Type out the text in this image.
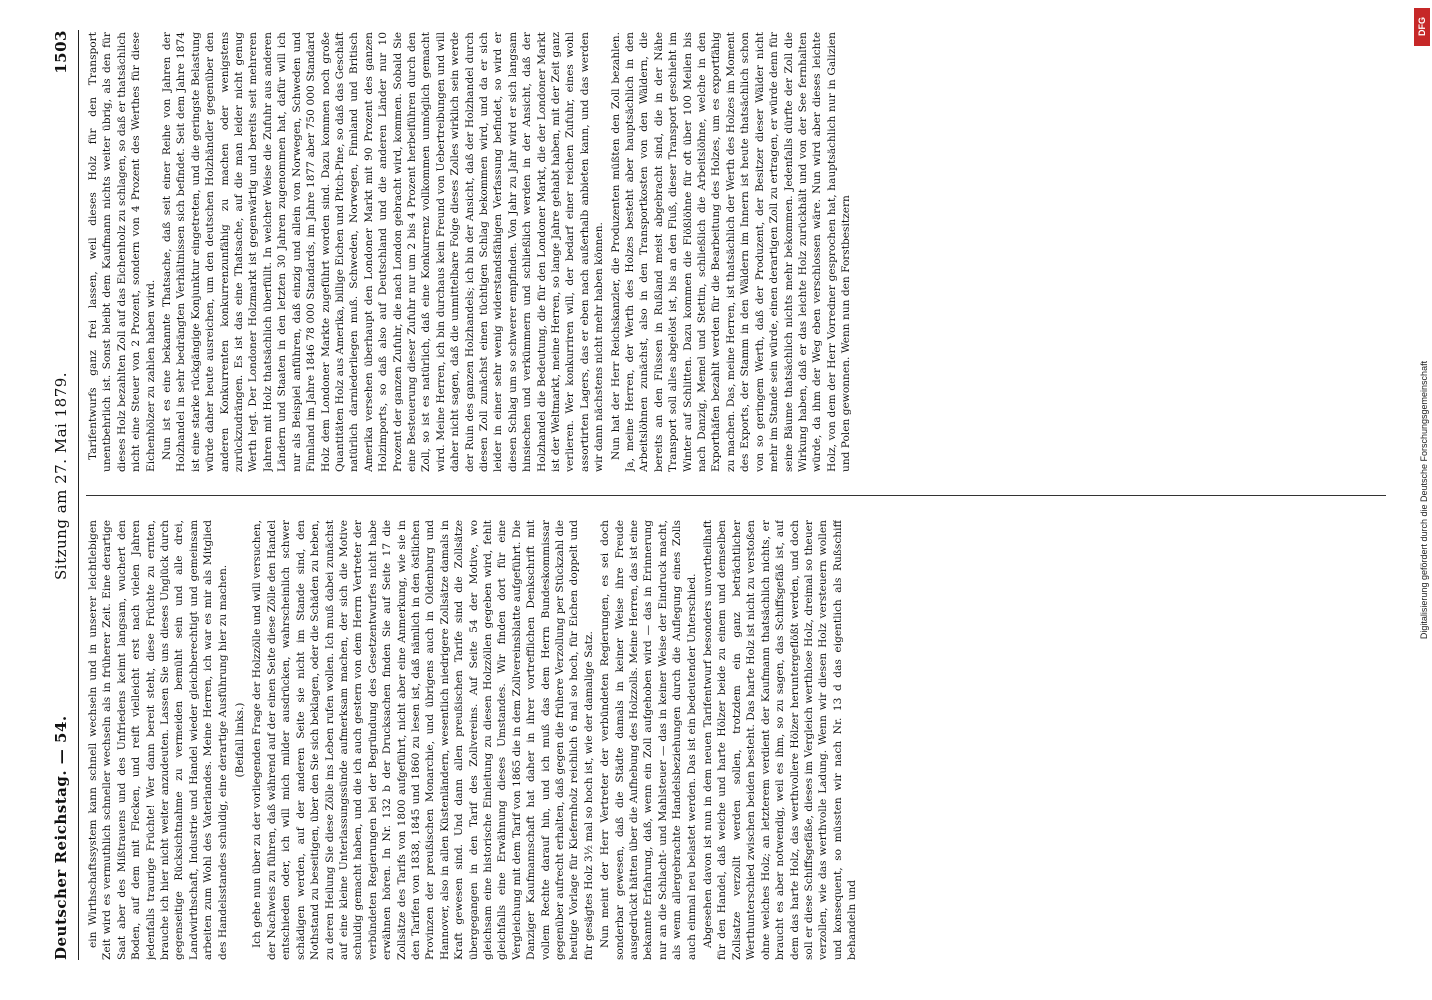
Deutscher Reichstag. — 54.
Sitzung am 27. Mai 1879.
1503

ein Wirthschaftssystem kann schnell wechseln und in unserer leichtlebigen Zeit wird es vermuthlich schneller wechseln als in früherer Zeit. Eine derartige Saat aber des Mißtrauens und des Unfriedens keimt langsam, wuchert den Boden, auf dem mit Flecken, und reift vielleicht erst nach vielen Jahren jedenfalls traurige Früchte! Wer dann bereit steht, diese Früchte zu ernten, brauche ich hier nicht weiter anzudeuten. Lassen Sie uns dieses Unglück durch gegenseitige Rücksichtnahme zu vermeiden bemüht sein und alle drei, Landwirthschaft, Industrie und Handel wieder gleichberechtigt und gemeinsam arbeiten zum Wohl des Vaterlandes. Meine Herren, ich war es mir als Mitglied des Handelsstandes schuldig, eine derartige Ausführung hier zu machen. (Beifall links.) Ich gehe nun über zu der vorliegenden Frage der Holzzölle und will versuchen, der Nachweis zu führen, daß während auf der einen Seite diese Zölle den Handel entschieden oder, ich will mich milder ausdrücken, wahrscheinlich schwer schädigen werden, auf der anderen Seite sie nicht im Stande sind, den Nothstand zu beseitigen, über den Sie sich beklagen, oder die Schäden zu heben, zu deren Heilung Sie diese Zölle ins Leben rufen wollen. Ich muß dabei zunächst auf eine kleine Unterlassungssünde aufmerksam machen, der sich die Motive schuldig gemacht haben, und die ich auch gestern von dem Herrn Vertreter der verbündeten Regierungen bei der Begründung des Gesetzentwurfes nicht habe erwähnen hören. In Nr. 132 b der Drucksachen finden Sie auf Seite 17 die Zollsätze des Tarifs von 1800 aufgeführt, nicht aber eine Anmerkung, wie sie in den Tarifen von 1838, 1845 und 1860 zu lesen ist, daß nämlich in den östlichen Provinzen der preußischen Monarchie, und übrigens auch in Oldenburg und Hannover, also in allen Küstenländern, wesentlich niedrigere Zollsätze damals in Kraft gewesen sind. Und dann allen preußischen Tarife sind die Zollsätze übergegangen in den Tarif des Zollvereins. Auf Seite 54 der Motive, wo gleichsam eine historische Einleitung zu diesen Holzzöllen gegeben wird, fehlt gleichfalls eine Erwähnung dieses Umstandes. Wir finden dort für eine Vergleichung mit dem Tarif von 1865 die in dem Zollvereinsblatte aufgeführt. Die Danziger Kaufmannschaft hat daher in ihrer vortrefflichen Denkschrift mit vollem Rechte darauf hin, und ich muß das dem Herrn Bundeskommissar gegenüber aufrecht erhalten, daß gegen die frühere Verzollung per Stückzahl die heutige Vorlage für Kiefernholz reichlich 6 mal so hoch, für Eichen doppelt und für gesägtes Holz 3½ mal so hoch ist, wie der damalige Satz. Nun meint der Herr Vertreter der verbündeten Regierungen, es sei doch sonderbar gewesen, daß die Städte damals in keiner Weise ihre Freude ausgedrückt hätten über die Aufhebung des Holzzolls. Meine Herren, das ist eine bekannte Erfahrung, daß, wenn ein Zoll aufgehoben wird — das in Erinnerung nur an die Schlacht- und Mahlsteuer — das in keiner Weise der Eindruck macht, als wenn allergebrachte Handelsbeziehungen durch die Auflegung eines Zolls auch einmal neu belastet werden. Das ist ein bedeutender Unterschied. Abgesehen davon ist nun in dem neuen Tarifentwurf besonders unvortheilhaft für den Handel, daß weiche und harte Hölzer beide zu einem und demselben Zollsatze verzollt werden sollen, trotzdem ein ganz beträchtlicher Werthunterschied zwischen beiden besteht. Das harte Holz ist nicht zu verstoßen ohne welches Holz; an letzterem verdient der Kaufmann thatsächlich nichts, er braucht es aber notwendig, weil es ihm, so zu sagen, das Schiffsgefäß ist, auf dem das harte Holz, das werthvollere Hölzer heruntergeflößt werden, und doch soll er diese Schiffsgefäße, dieses im Vergleich werthlose Holz, dreimal so theuer verzollen, wie das werthvolle Ladung. Wenn wir diesen Holz versteuern wollen und konsequent, so müssten wir nach Nr. 13 d das eigentlich als Rußschiff behandeln und

Tarifentwurfs ganz frei lassen, weil dieses Holz für den Transport unentbehrlich ist. Sonst bleibt dem Kaufmann nichts weiter übrig, als den für dieses Holz bezahlten Zoll auf das Eichenholz zu schlagen, so daß er thatsächlich nicht eine Steuer von 2 Prozent, sondern von 4 Prozent des Werthes für diese Eichenhölzer zu zahlen haben wird. Nun ist es eine bekannte Thatsache, daß seit einer Reihe von Jahren der Holzhandel in sehr bedrängten Verhältnissen sich befindet. Seit dem Jahre 1874 ist eine starke rückgängige Konjunktur eingetreten, und die geringste Belastung würde daher heute ausreichen, um den deutschen Holzhändler gegenüber den anderen Konkurrenten konkurrenzunfähig zu machen oder wenigstens zurückzudrängen. Es ist das eine Thatsache, auf die man leider nicht genug Werth legt. Der Londoner Holzmarkt ist gegenwärtig und bereits seit mehreren Jahren mit Holz thatsächlich überfüllt. In welcher Weise die Zufuhr aus anderen Ländern und Staaten in den letzten 30 Jahren zugenommen hat, dafür will ich nur als Beispiel anführen, daß einzig und allein von Norwegen, Schweden und Finnland im Jahre 1846 78 000 Standards, im Jahre 1877 aber 750 000 Standard Holz dem Londoner Markte zugeführt worden sind. Dazu kommen noch große Quantitäten Holz aus Amerika, billige Eichen und Pitch-Pine, so daß das Geschäft natürlich darniederliegen muß. Schweden, Norwegen, Finnland und Britisch Amerika versehen überhaupt den Londoner Markt mit 90 Prozent des ganzen Holzimports, so daß also auf Deutschland und die anderen Länder nur 10 Prozent der ganzen Zufuhr, die nach London gebracht wird, kommen. Sobald Sie eine Besteuerung dieser Zufuhr nur um 2 bis 4 Prozent herbeiführen durch den Zoll, so ist es natürlich, daß eine Konkurrenz vollkommen unmöglich gemacht wird. Meine Herren, ich bin durchaus kein Freund von Uebertreibungen und will daher nicht sagen, daß die unmittelbare Folge dieses Zolles wirklich sein werde der Ruin des ganzen Holzhandels; ich bin der Ansicht, daß der Holzhandel durch diesen Zoll zunächst einen tüchtigen Schlag bekommen wird, und da er sich leider in einer sehr wenig widerstandsfähigen Verfassung befindet, so wird er diesen Schlag um so schwerer empfinden. Von Jahr zu Jahr wird er sich langsam hinsiechen und verkümmern und schließlich werden in der Ansicht, daß der Holzhandel die Bedeutung, die für den Londoner Markt, die der Londoner Markt ist der Weltmarkt, meine Herren, so lange Jahre gehabt haben, mit der Zeit ganz verlieren. Wer konkurriren will, der bedarf einer reichen Zufuhr, eines wohl assortirten Lagers, das er eben nach außerhalb anbieten kann, und das werden wir dann nächstens nicht mehr haben können. Nun hat der Herr Reichskanzler, die Produzenten müßten den Zoll bezahlen. Ja, meine Herren, der Werth des Holzes besteht aber hauptsächlich in den Arbeitslöhnen zunächst, also in den Transportkosten von den Wäldern, die bereits an den Flüssen in Rußland meist abgebracht sind, die in der Nähe Transport soll alles abgelöst ist, bis an den Fluß, dieser Transport geschieht im Winter auf Schlitten. Dazu kommen die Flößlöhne für oft über 100 Meilen bis nach Danzig, Memel und Stettin, schließlich die Arbeitslöhne, welche in den Exporthäfen bezahlt werden für die Bearbeitung des Holzes, um es exportfähig zu machen. Das, meine Herren, ist thatsächlich der Werth des Holzes im Moment des Exports, der Stamm in den Wäldern im Innern ist heute thatsächlich schon von so geringem Werth, daß der Produzent, der Besitzer dieser Wälder nicht mehr im Stande sein würde, einen derartigen Zoll zu ertragen, er würde denn für seine Bäume thatsächlich nichts mehr bekommen. Jedenfalls dürfte der Zoll die Wirkung haben, daß er das leichte Holz zurückhält und von der See fernhalten würde, da ihm der Weg eben verschlossen wäre. Nun wird aber dieses leichte Holz, von dem der Herr Vorredner gesprochen hat, hauptsächlich nur in Galizien und Polen gewonnen. Wenn nun den Forstbesitzern

DFG
Digitalisierung gefördert durch die Deutsche Forschungsgemeinschaft
